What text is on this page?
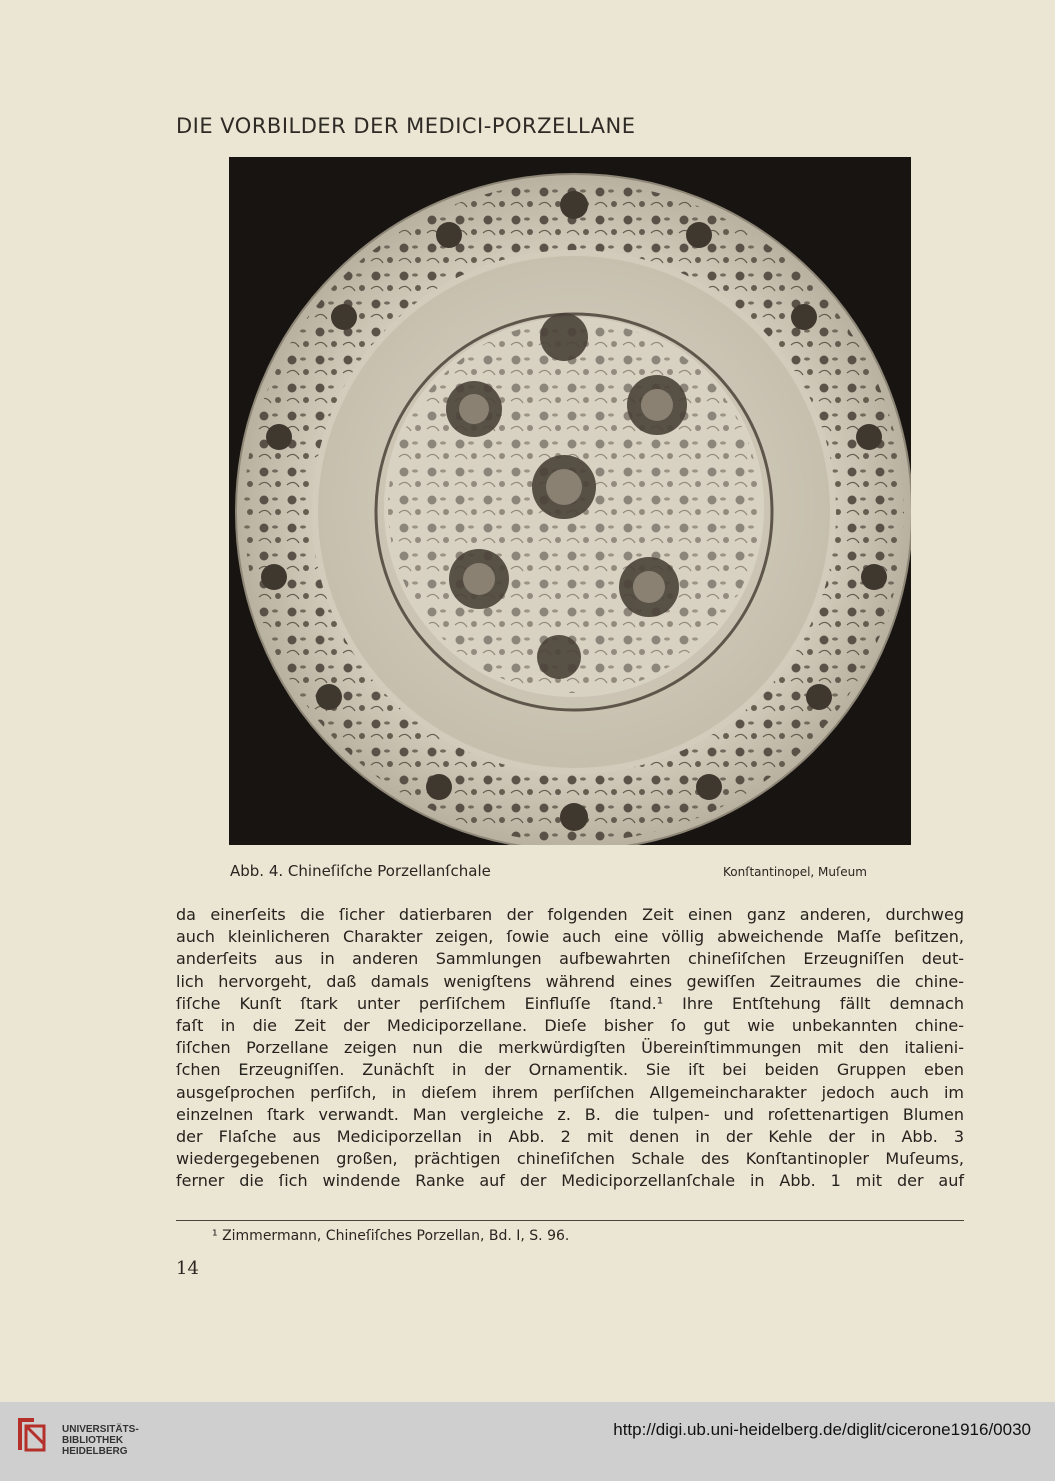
DIE VORBILDER DER MEDICI-PORZELLANE
Abb. 4. Chineſiſche Porzellanſchale	Konſtantinopel, Muſeum
da einerſeits die ſicher datierbaren der folgenden Zeit einen ganz anderen, durchweg
auch kleinlicheren Charakter zeigen, ſowie auch eine völlig abweichende Maſſe beſitzen,
anderſeits aus in anderen Sammlungen aufbewahrten chineſiſchen Erzeugniſſen deut-
lich hervorgeht, daß damals wenigſtens während eines gewiſſen Zeitraumes die chine-
ſiſche Kunſt ſtark unter perſiſchem Einfluſſe ſtand.¹ Ihre Entſtehung fällt demnach
faſt in die Zeit der Mediciporzellane. Dieſe bisher ſo gut wie unbekannten chine-
ſiſchen Porzellane zeigen nun die merkwürdigſten Übereinſtimmungen mit den italieni-
ſchen Erzeugniſſen. Zunächſt in der Ornamentik. Sie iſt bei beiden Gruppen eben
ausgeſprochen perſiſch, in dieſem ihrem perſiſchen Allgemeincharakter jedoch auch im
einzelnen ſtark verwandt. Man vergleiche z. B. die tulpen- und roſettenartigen Blumen
der Flaſche aus Mediciporzellan in Abb. 2 mit denen in der Kehle der in Abb. 3
wiedergegebenen großen, prächtigen chineſiſchen Schale des Konſtantinopler Muſeums,
ferner die ſich windende Ranke auf der Mediciporzellanſchale in Abb. 1 mit der auf
¹ Zimmermann, Chineſiſches Porzellan, Bd. I, S. 96.
14
UNIVERSITÄTS-
BIBLIOTHEK
HEIDELBERG
http://digi.ub.uni-heidelberg.de/diglit/cicerone1916/0030
